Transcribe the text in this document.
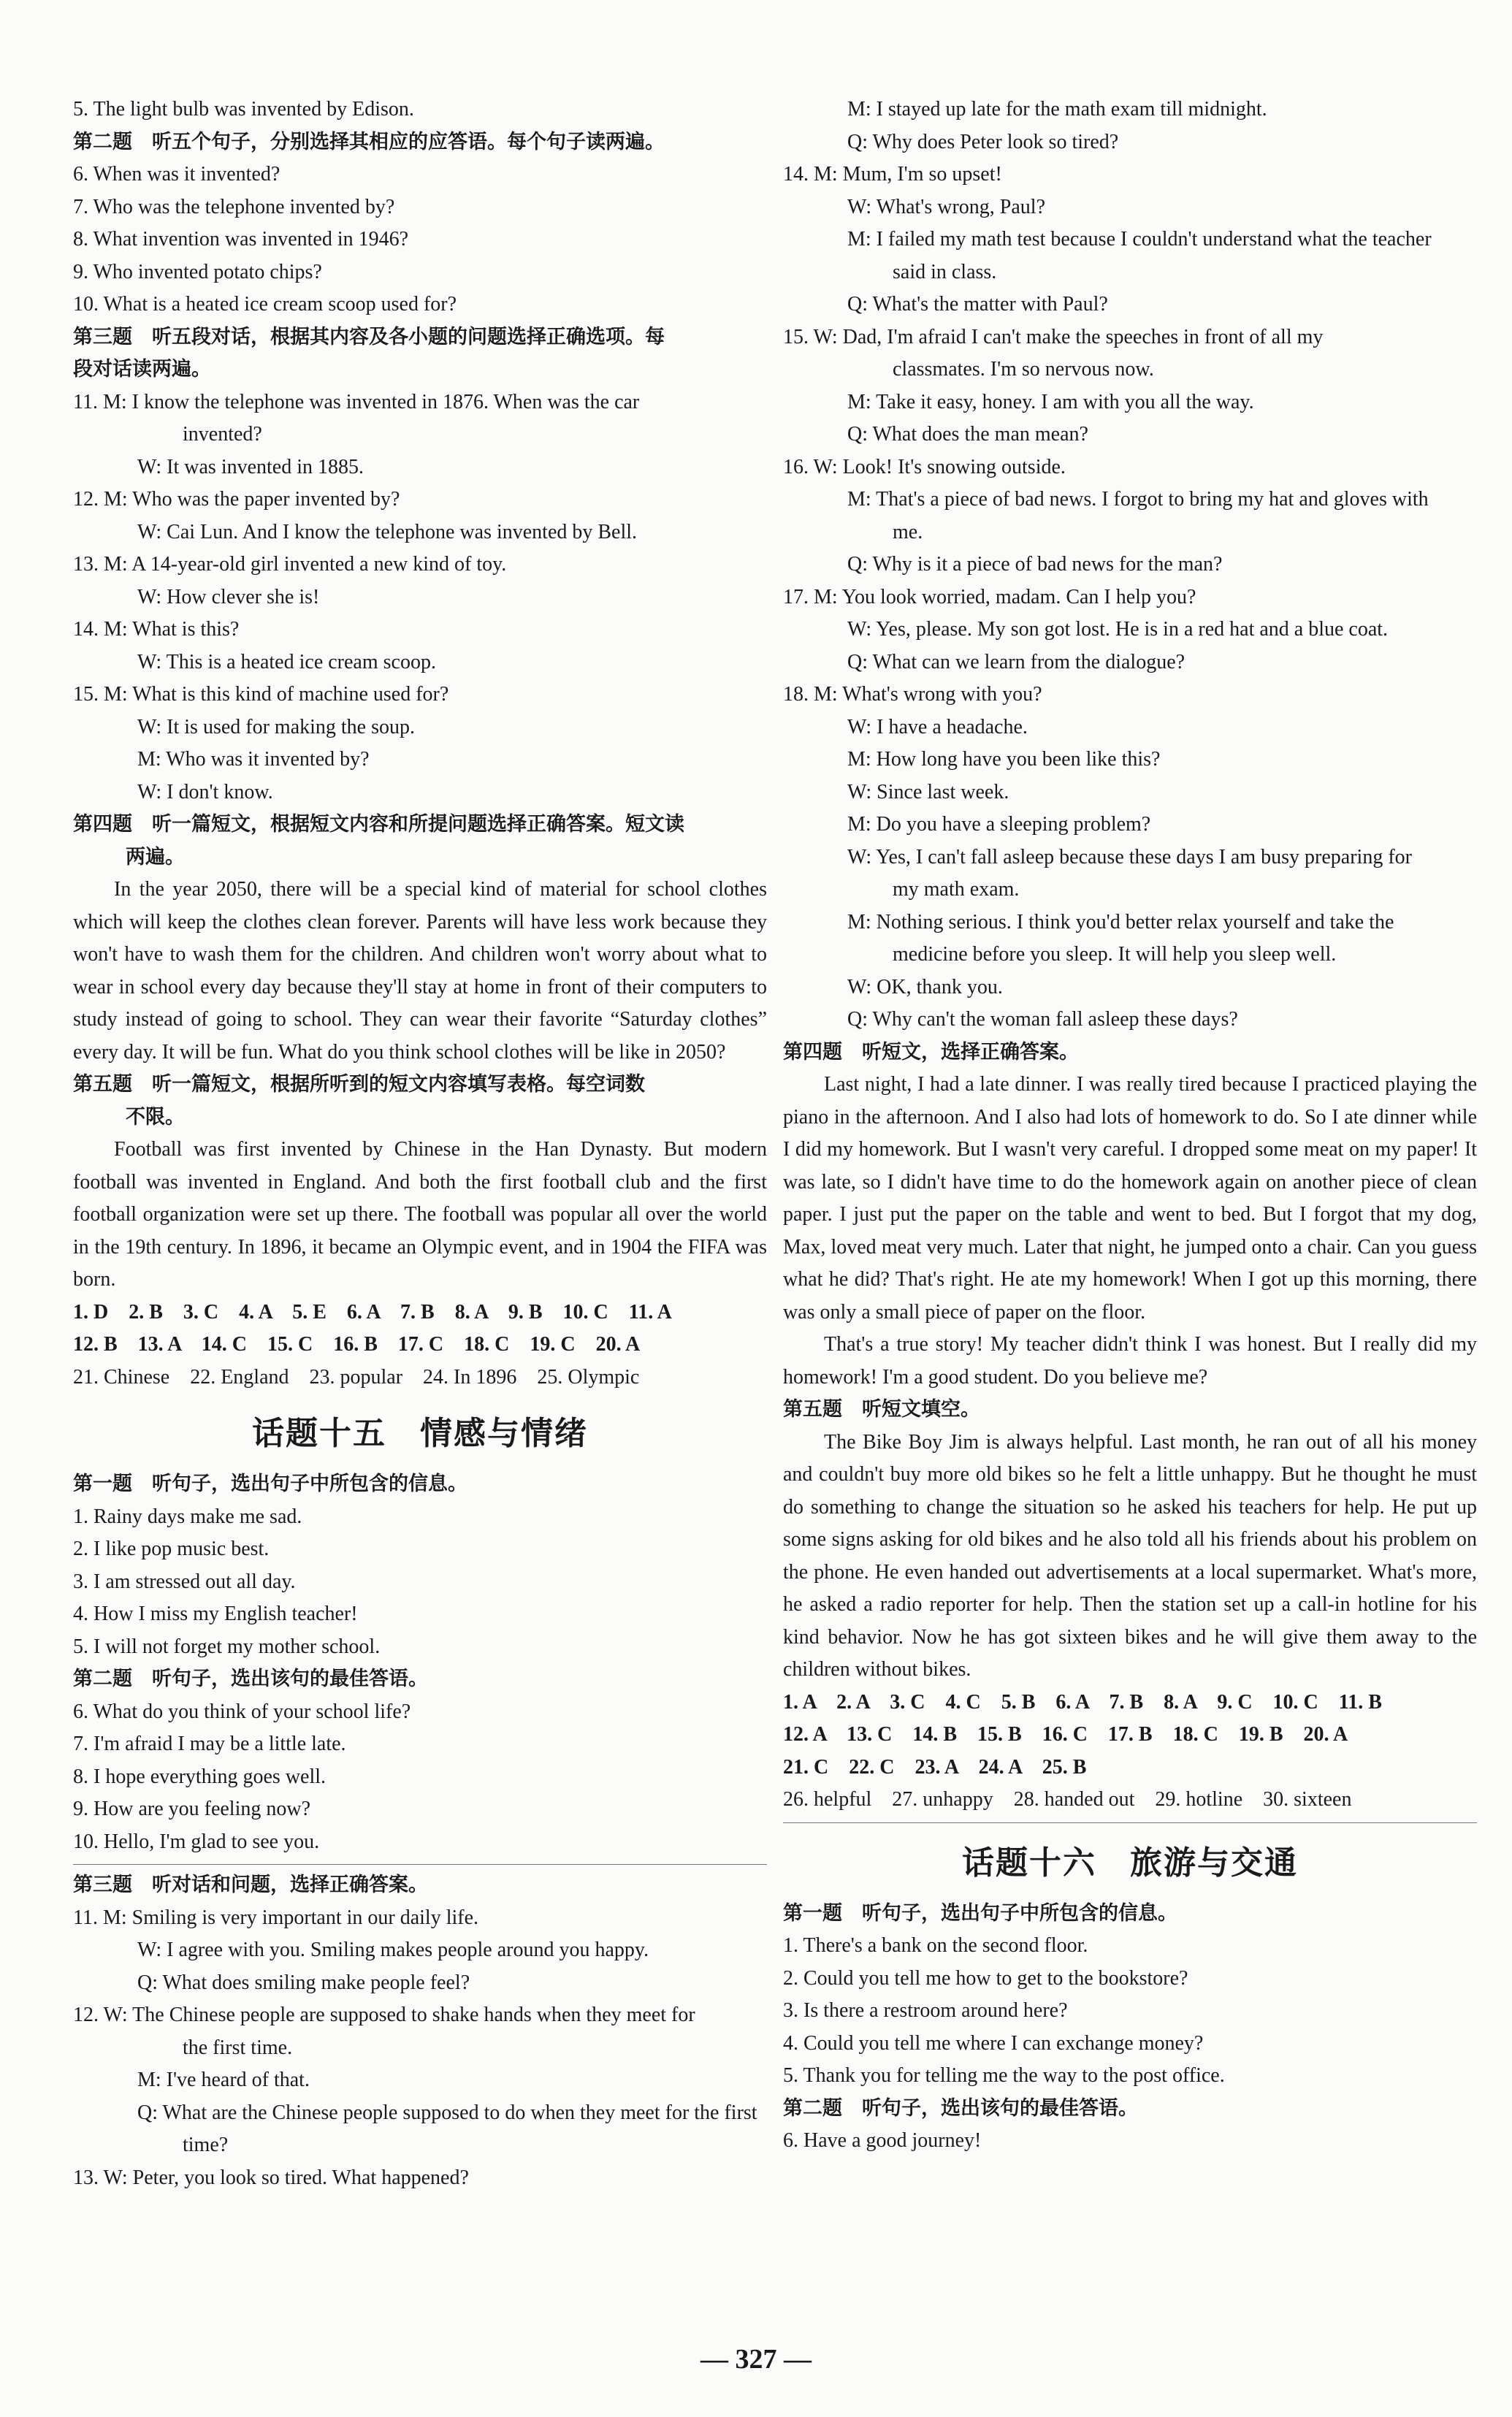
5. The light bulb was invented by Edison.
第二题　听五个句子，分别选择其相应的应答语。每个句子读两遍。
6. When was it invented?
7. Who was the telephone invented by?
8. What invention was invented in 1946?
9. Who invented potato chips?
10. What is a heated ice cream scoop used for?
第三题　听五段对话，根据其内容及各小题的问题选择正确选项。每
段对话读两遍。
11. M: I know the telephone was invented in 1876. When was the car
invented?
W: It was invented in 1885.
12. M: Who was the paper invented by?
W: Cai Lun. And I know the telephone was invented by Bell.
13. M: A 14-year-old girl invented a new kind of toy.
W: How clever she is!
14. M: What is this?
W: This is a heated ice cream scoop.
15. M: What is this kind of machine used for?
W: It is used for making the soup.
M: Who was it invented by?
W: I don't know.
第四题　听一篇短文，根据短文内容和所提问题选择正确答案。短文读
两遍。

In the year 2050, there will be a special kind of material for school clothes which will keep the clothes clean forever. Parents will have less work because they won't have to wash them for the children. And children won't worry about what to wear in school every day because they'll stay at home in front of their computers to study instead of going to school. They can wear their favorite “Saturday clothes” every day. It will be fun. What do you think school clothes will be like in 2050?

第五题　听一篇短文，根据所听到的短文内容填写表格。每空词数
不限。

Football was first invented by Chinese in the Han Dynasty. But modern football was invented in England. And both the first football club and the first football organization were set up there. The football was popular all over the world in the 19th century. In 1896, it became an Olympic event, and in 1904 the FIFA was born.

1. D　2. B　3. C　4. A　5. E　6. A　7. B　8. A　9. B　10. C　11. A
12. B　13. A　14. C　15. C　16. B　17. C　18. C　19. C　20. A
21. Chinese　22. England　23. popular　24. In 1896　25. Olympic
话题十五　情感与情绪
第一题　听句子，选出句子中所包含的信息。
1. Rainy days make me sad.
2. I like pop music best.
3. I am stressed out all day.
4. How I miss my English teacher!
5. I will not forget my mother school.
第二题　听句子，选出该句的最佳答语。
6. What do you think of your school life?
7. I'm afraid I may be a little late.
8. I hope everything goes well.
9. How are you feeling now?
10. Hello, I'm glad to see you.
第三题　听对话和问题，选择正确答案。
11. M: Smiling is very important in our daily life.
W: I agree with you. Smiling makes people around you happy.
Q: What does smiling make people feel?
12. W: The Chinese people are supposed to shake hands when they meet for
the first time.
M: I've heard of that.
Q: What are the Chinese people supposed to do when they meet for the first
time?
13. W: Peter, you look so tired. What happened?
M: I stayed up late for the math exam till midnight.
Q: Why does Peter look so tired?
14. M: Mum, I'm so upset!
W: What's wrong, Paul?
M: I failed my math test because I couldn't understand what the teacher
said in class.
Q: What's the matter with Paul?
15. W: Dad, I'm afraid I can't make the speeches in front of all my
classmates. I'm so nervous now.
M: Take it easy, honey. I am with you all the way.
Q: What does the man mean?
16. W: Look! It's snowing outside.
M: That's a piece of bad news. I forgot to bring my hat and gloves with
me.
Q: Why is it a piece of bad news for the man?
17. M: You look worried, madam. Can I help you?
W: Yes, please. My son got lost. He is in a red hat and a blue coat.
Q: What can we learn from the dialogue?
18. M: What's wrong with you?
W: I have a headache.
M: How long have you been like this?
W: Since last week.
M: Do you have a sleeping problem?
W: Yes, I can't fall asleep because these days I am busy preparing for
my math exam.
M: Nothing serious. I think you'd better relax yourself and take the
medicine before you sleep. It will help you sleep well.
W: OK, thank you.
Q: Why can't the woman fall asleep these days?
第四题　听短文，选择正确答案。

Last night, I had a late dinner. I was really tired because I practiced playing the piano in the afternoon. And I also had lots of homework to do. So I ate dinner while I did my homework. But I wasn't very careful. I dropped some meat on my paper! It was late, so I didn't have time to do the homework again on another piece of clean paper. I just put the paper on the table and went to bed. But I forgot that my dog, Max, loved meat very much. Later that night, he jumped onto a chair. Can you guess what he did? That's right. He ate my homework! When I got up this morning, there was only a small piece of paper on the floor.

That's a true story! My teacher didn't think I was honest. But I really did my homework! I'm a good student. Do you believe me?

第五题　听短文填空。

The Bike Boy Jim is always helpful. Last month, he ran out of all his money and couldn't buy more old bikes so he felt a little unhappy. But he thought he must do something to change the situation so he asked his teachers for help. He put up some signs asking for old bikes and he also told all his friends about his problem on the phone. He even handed out advertisements at a local supermarket. What's more, he asked a radio reporter for help. Then the station set up a call-in hotline for his kind behavior. Now he has got sixteen bikes and he will give them away to the children without bikes.

1. A　2. A　3. C　4. C　5. B　6. A　7. B　8. A　9. C　10. C　11. B
12. A　13. C　14. B　15. B　16. C　17. B　18. C　19. B　20. A
21. C　22. C　23. A　24. A　25. B
26. helpful　27. unhappy　28. handed out　29. hotline　30. sixteen
话题十六　旅游与交通
第一题　听句子，选出句子中所包含的信息。
1. There's a bank on the second floor.
2. Could you tell me how to get to the bookstore?
3. Is there a restroom around here?
4. Could you tell me where I can exchange money?
5. Thank you for telling me the way to the post office.
第二题　听句子，选出该句的最佳答语。
6. Have a good journey!
— 327 —
